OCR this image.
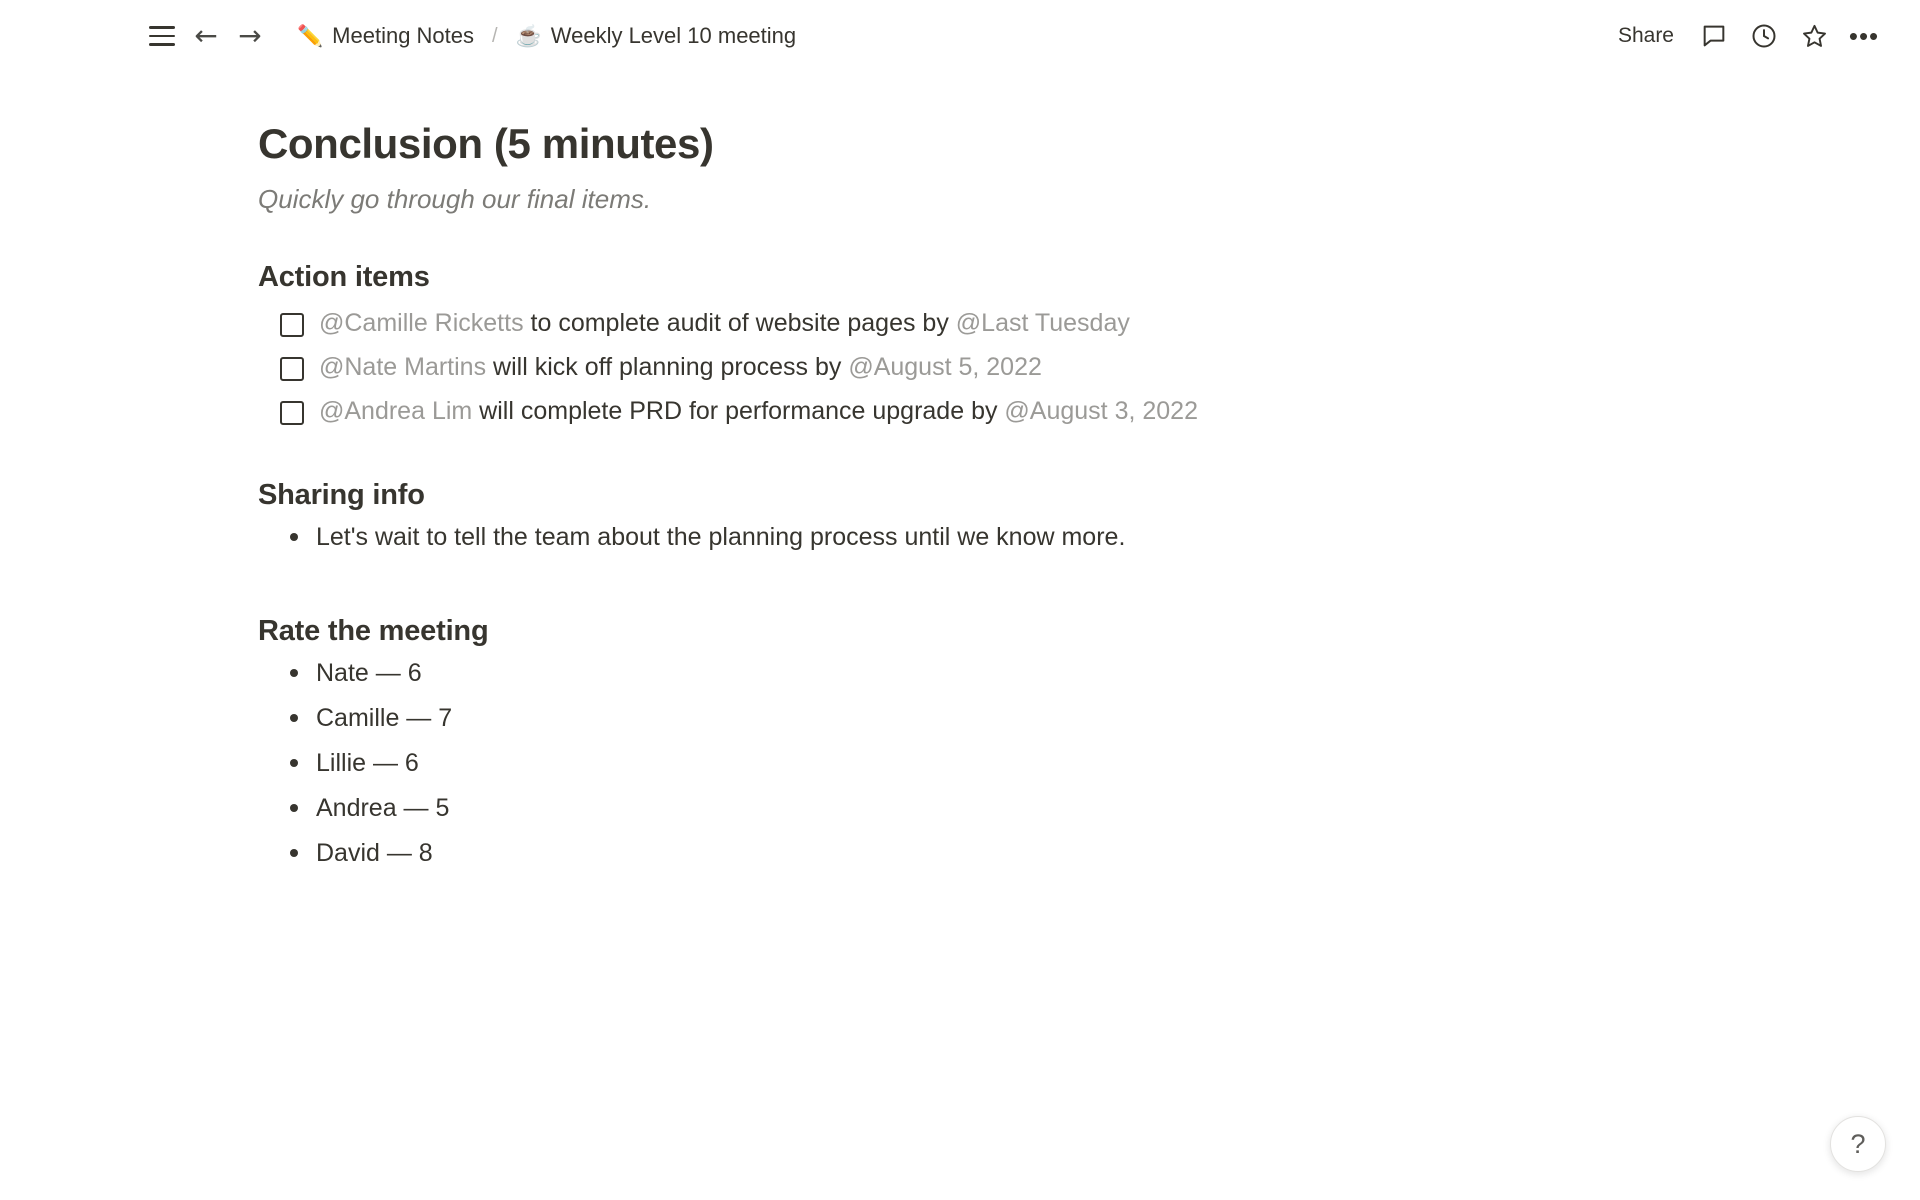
← → ✏️ Meeting Notes / ☕ Weekly Level 10 meeting	Share	•••
Conclusion (5 minutes)
Quickly go through our final items.
Action items
@Camille Ricketts to complete audit of website pages by @Last Tuesday
@Nate Martins will kick off planning process by @August 5, 2022
@Andrea Lim will complete PRD for performance upgrade by @August 3, 2022
Sharing info
Let's wait to tell the team about the planning process until we know more.
Rate the meeting
Nate — 6
Camille — 7
Lillie — 6
Andrea — 5
David — 8
?
